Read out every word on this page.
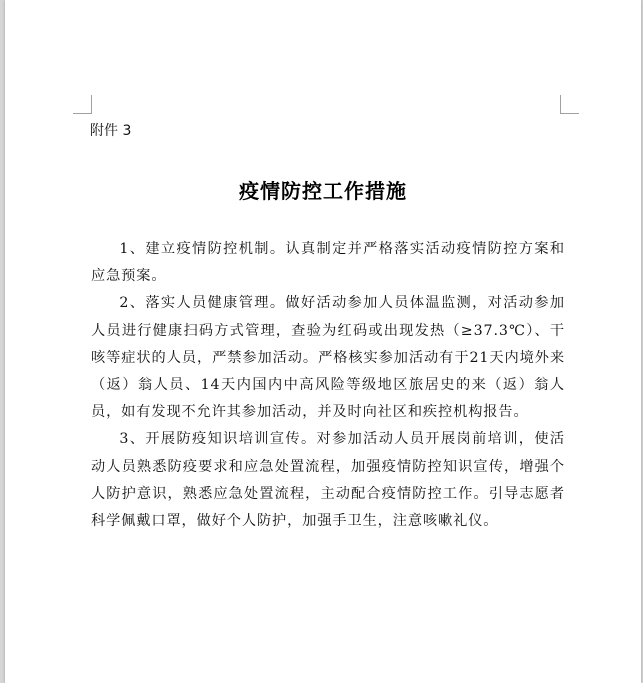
附件 3
疫情防控工作措施

1、建立疫情防控机制。认真制定并严格落实活动疫情防控方案和应急预案。

2、落实人员健康管理。做好活动参加人员体温监测，对活动参加人员进行健康扫码方式管理，查验为红码或出现发热（≥37.3℃）、干咳等症状的人员，严禁参加活动。严格核实参加活动有于21天内境外来（返）翁人员、14天内国内中高风险等级地区旅居史的来（返）翁人员，如有发现不允许其参加活动，并及时向社区和疾控机构报告。

3、开展防疫知识培训宣传。对参加活动人员开展岗前培训，使活动人员熟悉防疫要求和应急处置流程，加强疫情防控知识宣传，增强个人防护意识，熟悉应急处置流程，主动配合疫情防控工作。引导志愿者科学佩戴口罩，做好个人防护，加强手卫生，注意咳嗽礼仪。
